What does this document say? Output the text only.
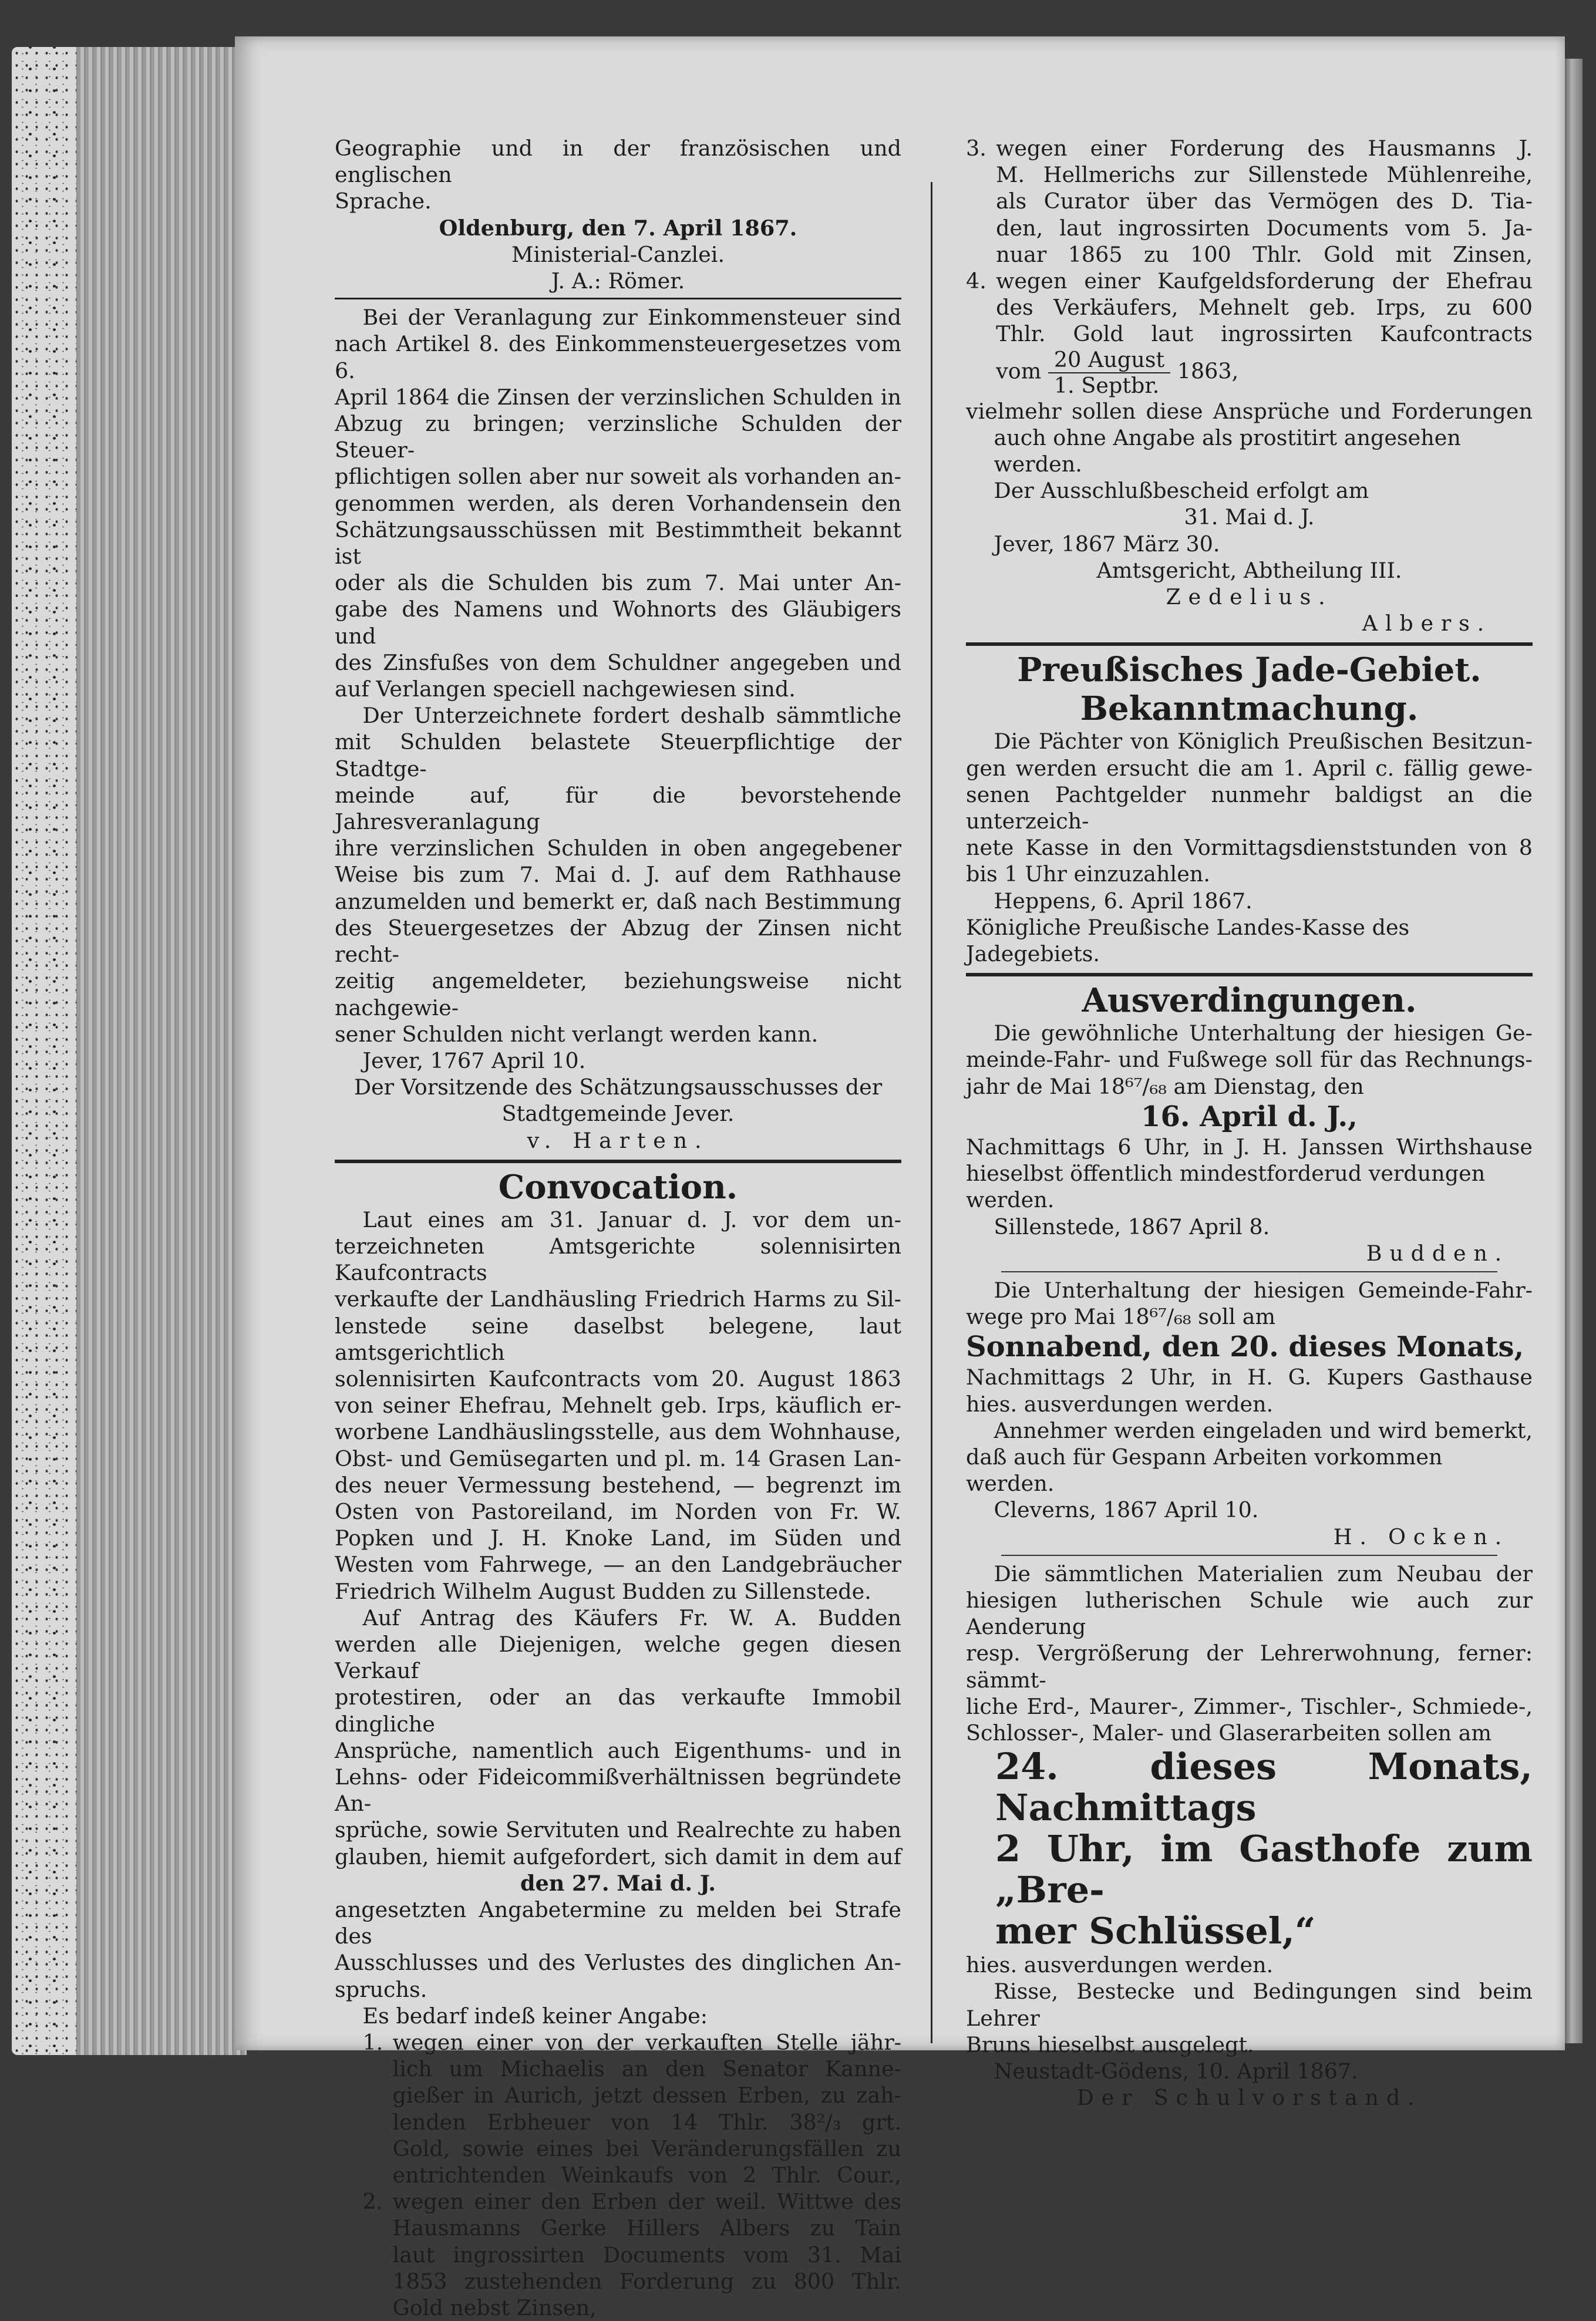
Geographie und in der französischen und englischen

Sprache.

Oldenburg, den 7. April 1867.

Ministerial-Canzlei.

J. A.: Römer.

Bei der Veranlagung zur Einkommensteuer sind

nach Artikel 8. des Einkommensteuergesetzes vom 6.

April 1864 die Zinsen der verzinslichen Schulden in

Abzug zu bringen; verzinsliche Schulden der Steuer-

pflichtigen sollen aber nur soweit als vorhanden an-

genommen werden, als deren Vorhandensein den

Schätzungsausschüssen mit Bestimmtheit bekannt ist

oder als die Schulden bis zum 7. Mai unter An-

gabe des Namens und Wohnorts des Gläubigers und

des Zinsfußes von dem Schuldner angegeben und

auf Verlangen speciell nachgewiesen sind.

Der Unterzeichnete fordert deshalb sämmtliche

mit Schulden belastete Steuerpflichtige der Stadtge-

meinde auf, für die bevorstehende Jahresveranlagung

ihre verzinslichen Schulden in oben angegebener

Weise bis zum 7. Mai d. J. auf dem Rathhause

anzumelden und bemerkt er, daß nach Bestimmung

des Steuergesetzes der Abzug der Zinsen nicht recht-

zeitig angemeldeter, beziehungsweise nicht nachgewie-

sener Schulden nicht verlangt werden kann.

Jever, 1767 April 10.

Der Vorsitzende des Schätzungsausschusses der

Stadtgemeinde Jever.

v. Harten.

Convocation.

Laut eines am 31. Januar d. J. vor dem un-

terzeichneten Amtsgerichte solennisirten Kaufcontracts

verkaufte der Landhäusling Friedrich Harms zu Sil-

lenstede seine daselbst belegene, laut amtsgerichtlich

solennisirten Kaufcontracts vom 20. August 1863

von seiner Ehefrau, Mehnelt geb. Irps, käuflich er-

worbene Landhäuslingsstelle, aus dem Wohnhause,

Obst- und Gemüsegarten und pl. m. 14 Grasen Lan-

des neuer Vermessung bestehend, — begrenzt im

Osten von Pastoreiland, im Norden von Fr. W.

Popken und J. H. Knoke Land, im Süden und

Westen vom Fahrwege, — an den Landgebräucher

Friedrich Wilhelm August Budden zu Sillenstede.

Auf Antrag des Käufers Fr. W. A. Budden

werden alle Diejenigen, welche gegen diesen Verkauf

protestiren, oder an das verkaufte Immobil dingliche

Ansprüche, namentlich auch Eigenthums- und in

Lehns- oder Fideicommißverhältnissen begründete An-

sprüche, sowie Servituten und Realrechte zu haben

glauben, hiemit aufgefordert, sich damit in dem auf

den 27. Mai d. J.

angesetzten Angabetermine zu melden bei Strafe des

Ausschlusses und des Verlustes des dinglichen An-

spruchs.

Es bedarf indeß keiner Angabe:

1. wegen einer von der verkauften Stelle jähr-

lich um Michaelis an den Senator Kanne-

gießer in Aurich, jetzt dessen Erben, zu zah-

lenden Erbheuer von 14 Thlr. 38²/₃ grt.

Gold, sowie eines bei Veränderungsfällen zu

entrichtenden Weinkaufs von 2 Thlr. Cour.,

2. wegen einer den Erben der weil. Wittwe des

Hausmanns Gerke Hillers Albers zu Tain

laut ingrossirten Documents vom 31. Mai

1853 zustehenden Forderung zu 800 Thlr.

Gold nebst Zinsen,

3. wegen einer Forderung des Hausmanns J.

M. Hellmerichs zur Sillenstede Mühlenreihe,

als Curator über das Vermögen des D. Tia-

den, laut ingrossirten Documents vom 5. Ja-

nuar 1865 zu 100 Thlr. Gold mit Zinsen,

4. wegen einer Kaufgeldsforderung der Ehefrau

des Verkäufers, Mehnelt geb. Irps, zu 600

Thlr. Gold laut ingrossirten Kaufcontracts

vom $\frac{\text{20 August}}{\text{1. Septbr.}} 1863$,

vielmehr sollen diese Ansprüche und Forderungen

auch ohne Angabe als prostitirt angesehen werden.

Der Ausschlußbescheid erfolgt am

31. Mai d. J.

Jever, 1867 März 30.

Amtsgericht, Abtheilung III.

Zedelius.

Albers.

Preußisches Jade-Gebiet.

Bekanntmachung.

Die Pächter von Königlich Preußischen Besitzun-

gen werden ersucht die am 1. April c. fällig gewe-

senen Pachtgelder nunmehr baldigst an die unterzeich-

nete Kasse in den Vormittagsdienststunden von 8

bis 1 Uhr einzuzahlen.

Heppens, 6. April 1867.

Königliche Preußische Landes-Kasse des Jadegebiets.

Ausverdingungen.

Die gewöhnliche Unterhaltung der hiesigen Ge-

meinde-Fahr- und Fußwege soll für das Rechnungs-

jahr de Mai 18⁶⁷/₆₈ am Dienstag, den

16. April d. J.,

Nachmittags 6 Uhr, in J. H. Janssen Wirthshause

hieselbst öffentlich mindestforderud verdungen werden.

Sillenstede, 1867 April 8.

Budden.

Die Unterhaltung der hiesigen Gemeinde-Fahr-

wege pro Mai 18⁶⁷/₆₈ soll am

Sonnabend, den 20. dieses Monats,

Nachmittags 2 Uhr, in H. G. Kupers Gasthause

hies. ausverdungen werden.

Annehmer werden eingeladen und wird bemerkt,

daß auch für Gespann Arbeiten vorkommen werden.

Cleverns, 1867 April 10.

H. Ocken.

Die sämmtlichen Materialien zum Neubau der

hiesigen lutherischen Schule wie auch zur Aenderung

resp. Vergrößerung der Lehrerwohnung, ferner: sämmt-

liche Erd-, Maurer-, Zimmer-, Tischler-, Schmiede-,

Schlosser-, Maler- und Glaserarbeiten sollen am

24. dieses Monats, Nachmittags

2 Uhr, im Gasthofe zum „Bre-

mer Schlüssel,“

hies. ausverdungen werden.

Risse, Bestecke und Bedingungen sind beim Lehrer

Bruns hieselbst ausgelegt.

Neustadt-Gödens, 10. April 1867.

Der Schulvorstand.
